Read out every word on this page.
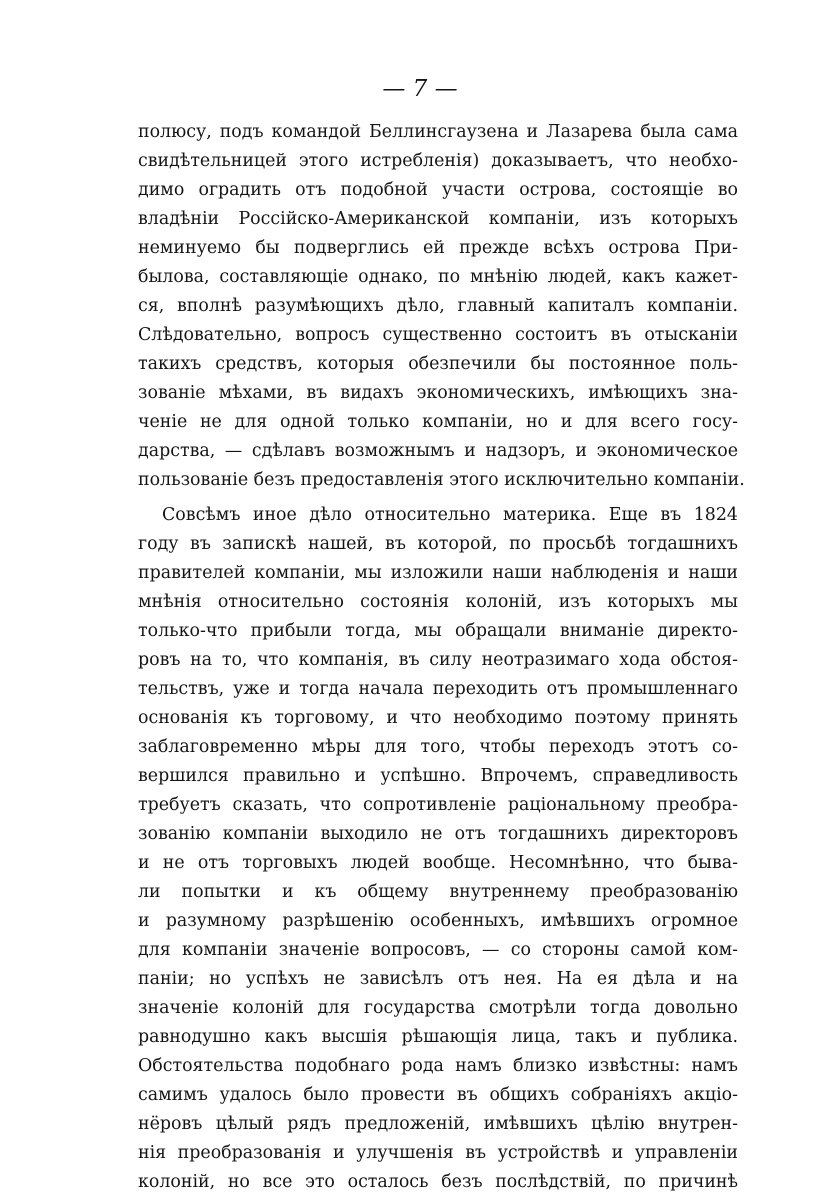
— 7 —
полюсу, подъ командой Беллинсгаузена и Лазарева была сама
свидѣтельницей этого истребленія) доказываетъ, что необхо-
димо оградить отъ подобной участи острова, состоящіе во
владѣніи Россійско-Американской компаніи, изъ которыхъ
неминуемо бы подверглись ей прежде всѣхъ острова При-
былова, составляющіе однако, по мнѣнію людей, какъ кажет-
ся, вполнѣ разумѣющихъ дѣло, главный капиталъ компаніи.
Слѣдовательно, вопросъ существенно состоитъ въ отысканіи
такихъ средствъ, которыя обезпечили бы постоянное поль-
зованіе мѣхами, въ видахъ экономическихъ, имѣющихъ зна-
ченіе не для одной только компаніи, но и для всего госу-
дарства, — сдѣлавъ возможнымъ и надзоръ, и экономическое
пользованіе безъ предоставленія этого исключительно компаніи.
Совсѣмъ иное дѣло относительно материка. Еще въ 1824
году въ запискѣ нашей, въ которой, по просьбѣ тогдашнихъ
правителей компаніи, мы изложили наши наблюденія и наши
мнѣнія относительно состоянія колоній, изъ которыхъ мы
только-что прибыли тогда, мы обращали вниманіе директо-
ровъ на то, что компанія, въ силу неотразимаго хода обстоя-
тельствъ, уже и тогда начала переходить отъ промышленнаго
основанія къ торговому, и что необходимо поэтому принять
заблаговременно мѣры для того, чтобы переходъ этотъ со-
вершился правильно и успѣшно. Впрочемъ, справедливость
требуетъ сказать, что сопротивленіе раціональному преобра-
зованію компаніи выходило не отъ тогдашнихъ директоровъ
и не отъ торговыхъ людей вообще. Несомнѣнно, что быва-
ли попытки и къ общему внутреннему преобразованію
и разумному разрѣшенію особенныхъ, имѣвшихъ огромное
для компаніи значеніе вопросовъ, — со стороны самой ком-
паніи; но успѣхъ не зависѣлъ отъ нея. На ея дѣла и на
значеніе колоній для государства смотрѣли тогда довольно
равнодушно какъ высшія рѣшающія лица, такъ и публика.
Обстоятельства подобнаго рода намъ близко извѣстны: намъ
самимъ удалось было провести въ общихъ собраніяхъ акціо-
нёровъ цѣлый рядъ предложеній, имѣвшихъ цѣлію внутрен-
нія преобразованія и улучшенія въ устройствѣ и управленіи
колоній, но все это осталось безъ послѣдствій, по причинѣ
